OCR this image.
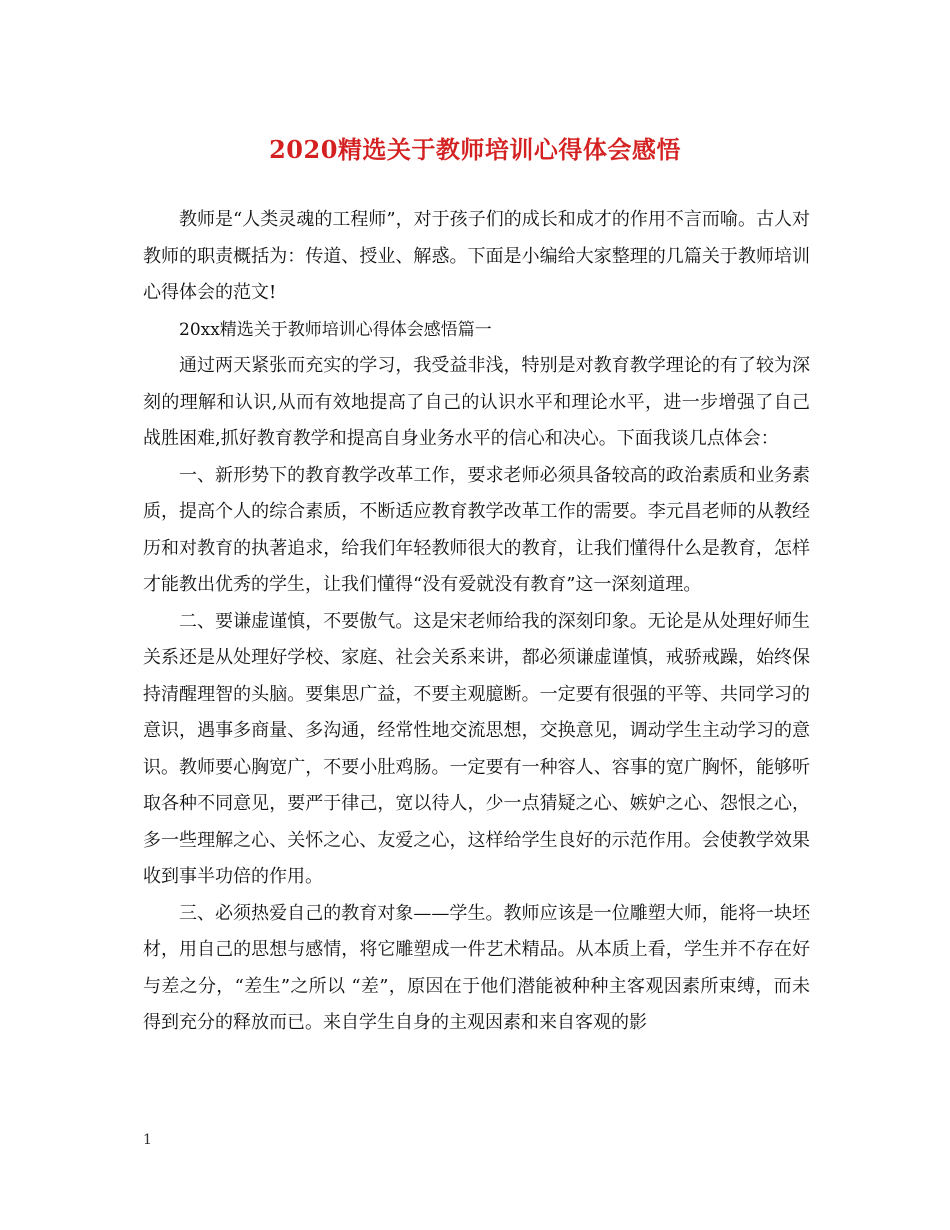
2020精选关于教师培训心得体会感悟

教师是“人类灵魂的工程师”，对于孩子们的成长和成才的作用不言而喻。古人对教师的职责概括为：传道、授业、解惑。下面是小编给大家整理的几篇关于教师培训心得体会的范文!

20xx精选关于教师培训心得体会感悟篇一

通过两天紧张而充实的学习，我受益非浅，特别是对教育教学理论的有了较为深刻的理解和认识,从而有效地提高了自己的认识水平和理论水平，进一步增强了自己战胜困难,抓好教育教学和提高自身业务水平的信心和决心。下面我谈几点体会：

一、新形势下的教育教学改革工作，要求老师必须具备较高的政治素质和业务素质，提高个人的综合素质，不断适应教育教学改革工作的需要。李元昌老师的从教经历和对教育的执著追求，给我们年轻教师很大的教育，让我们懂得什么是教育，怎样才能教出优秀的学生，让我们懂得“没有爱就没有教育”这一深刻道理。

二、要谦虚谨慎，不要傲气。这是宋老师给我的深刻印象。无论是从处理好师生关系还是从处理好学校、家庭、社会关系来讲，都必须谦虚谨慎，戒骄戒躁，始终保持清醒理智的头脑。要集思广益，不要主观臆断。一定要有很强的平等、共同学习的意识，遇事多商量、多沟通，经常性地交流思想，交换意见，调动学生主动学习的意识。教师要心胸宽广，不要小肚鸡肠。一定要有一种容人、容事的宽广胸怀，能够听取各种不同意见，要严于律己，宽以待人，少一点猜疑之心、嫉妒之心、怨恨之心，多一些理解之心、关怀之心、友爱之心，这样给学生良好的示范作用。会使教学效果收到事半功倍的作用。

三、必须热爱自己的教育对象——学生。教师应该是一位雕塑大师，能将一块坯材，用自己的思想与感情，将它雕塑成一件艺术精品。从本质上看，学生并不存在好与差之分，“差生”之所以 “差”，原因在于他们潜能被种种主客观因素所束缚，而未得到充分的释放而已。来自学生自身的主观因素和来自客观的影

1
